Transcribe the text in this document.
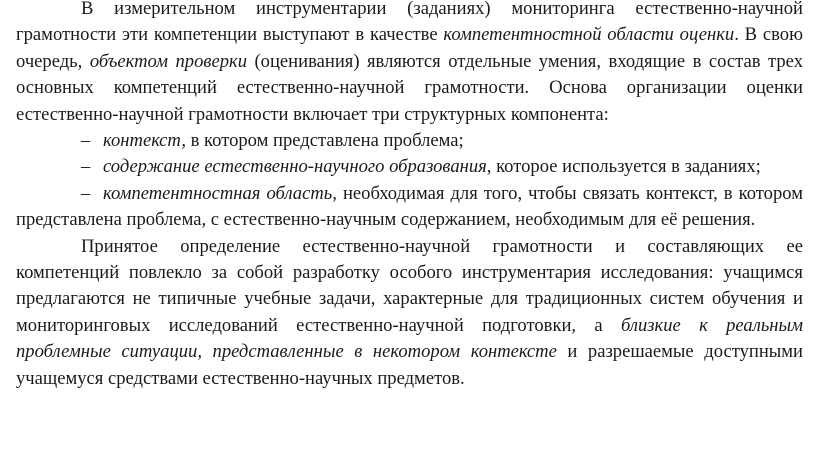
В измерительном инструментарии (заданиях) мониторинга естественно-научной грамотности эти компетенции выступают в качестве компетентностной области оценки. В свою очередь, объектом проверки (оценивания) являются отдельные умения, входящие в состав трех основных компетенций естественно-научной грамотности. Основа организации оценки естественно-научной грамотности включает три структурных компонента:

– контекст, в котором представлена проблема;

– содержание естественно-научного образования, которое используется в заданиях;

– компетентностная область, необходимая для того, чтобы связать контекст, в котором представлена проблема, с естественно-научным содержанием, необходимым для её решения.

Принятое определение естественно-научной грамотности и составляющих ее компетенций повлекло за собой разработку особого инструментария исследования: учащимся предлагаются не типичные учебные задачи, характерные для традиционных систем обучения и мониторинговых исследований естественно-научной подготовки, а близкие к реальным проблемные ситуации, представленные в некотором контексте и разрешаемые доступными учащемуся средствами естественно-научных предметов.
